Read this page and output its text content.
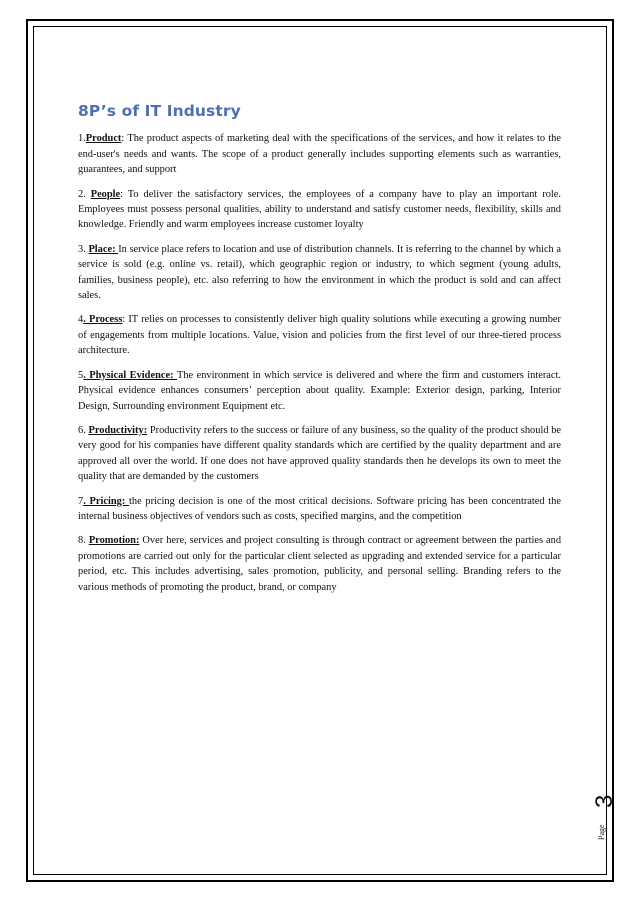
8P’s of IT Industry

1.Product: The product aspects of marketing deal with the specifications of the services, and how it relates to the end-user's needs and wants. The scope of a product generally includes supporting elements such as warranties, guarantees, and support

2. People: To deliver the satisfactory services, the employees of a company have to play an important role. Employees must possess personal qualities, ability to understand and satisfy customer needs, flexibility, skills and knowledge. Friendly and warm employees increase customer loyalty

3. Place: In service place refers to location and use of distribution channels. It is referring to the channel by which a service is sold (e.g. online vs. retail), which geographic region or industry, to which segment (young adults, families, business people), etc. also referring to how the environment in which the product is sold and can affect sales.

4. Process: IT relies on processes to consistently deliver high quality solutions while executing a growing number of engagements from multiple locations. Value, vision and policies from the first level of our three-tiered process architecture.

5. Physical Evidence: The environment in which service is delivered and where the firm and customers interact. Physical evidence enhances consumers’ perception about quality. Example: Exterior design, parking, Interior Design, Surrounding environment Equipment etc.

6. Productivity: Productivity refers to the success or failure of any business, so the quality of the product should be very good for his companies have different quality standards which are certified by the quality department and are approved all over the world. If one does not have approved quality standards then he develops its own to meet the quality that are demanded by the customers

7. Pricing: the pricing decision is one of the most critical decisions. Software pricing has been concentrated the internal business objectives of vendors such as costs, specified margins, and the competition

8. Promotion: Over here, services and project consulting is through contract or agreement between the parties and promotions are carried out only for the particular client selected as upgrading and extended service for a particular period, etc. This includes advertising, sales promotion, publicity, and personal selling. Branding refers to the various methods of promoting the product, brand, or company

Page
3
